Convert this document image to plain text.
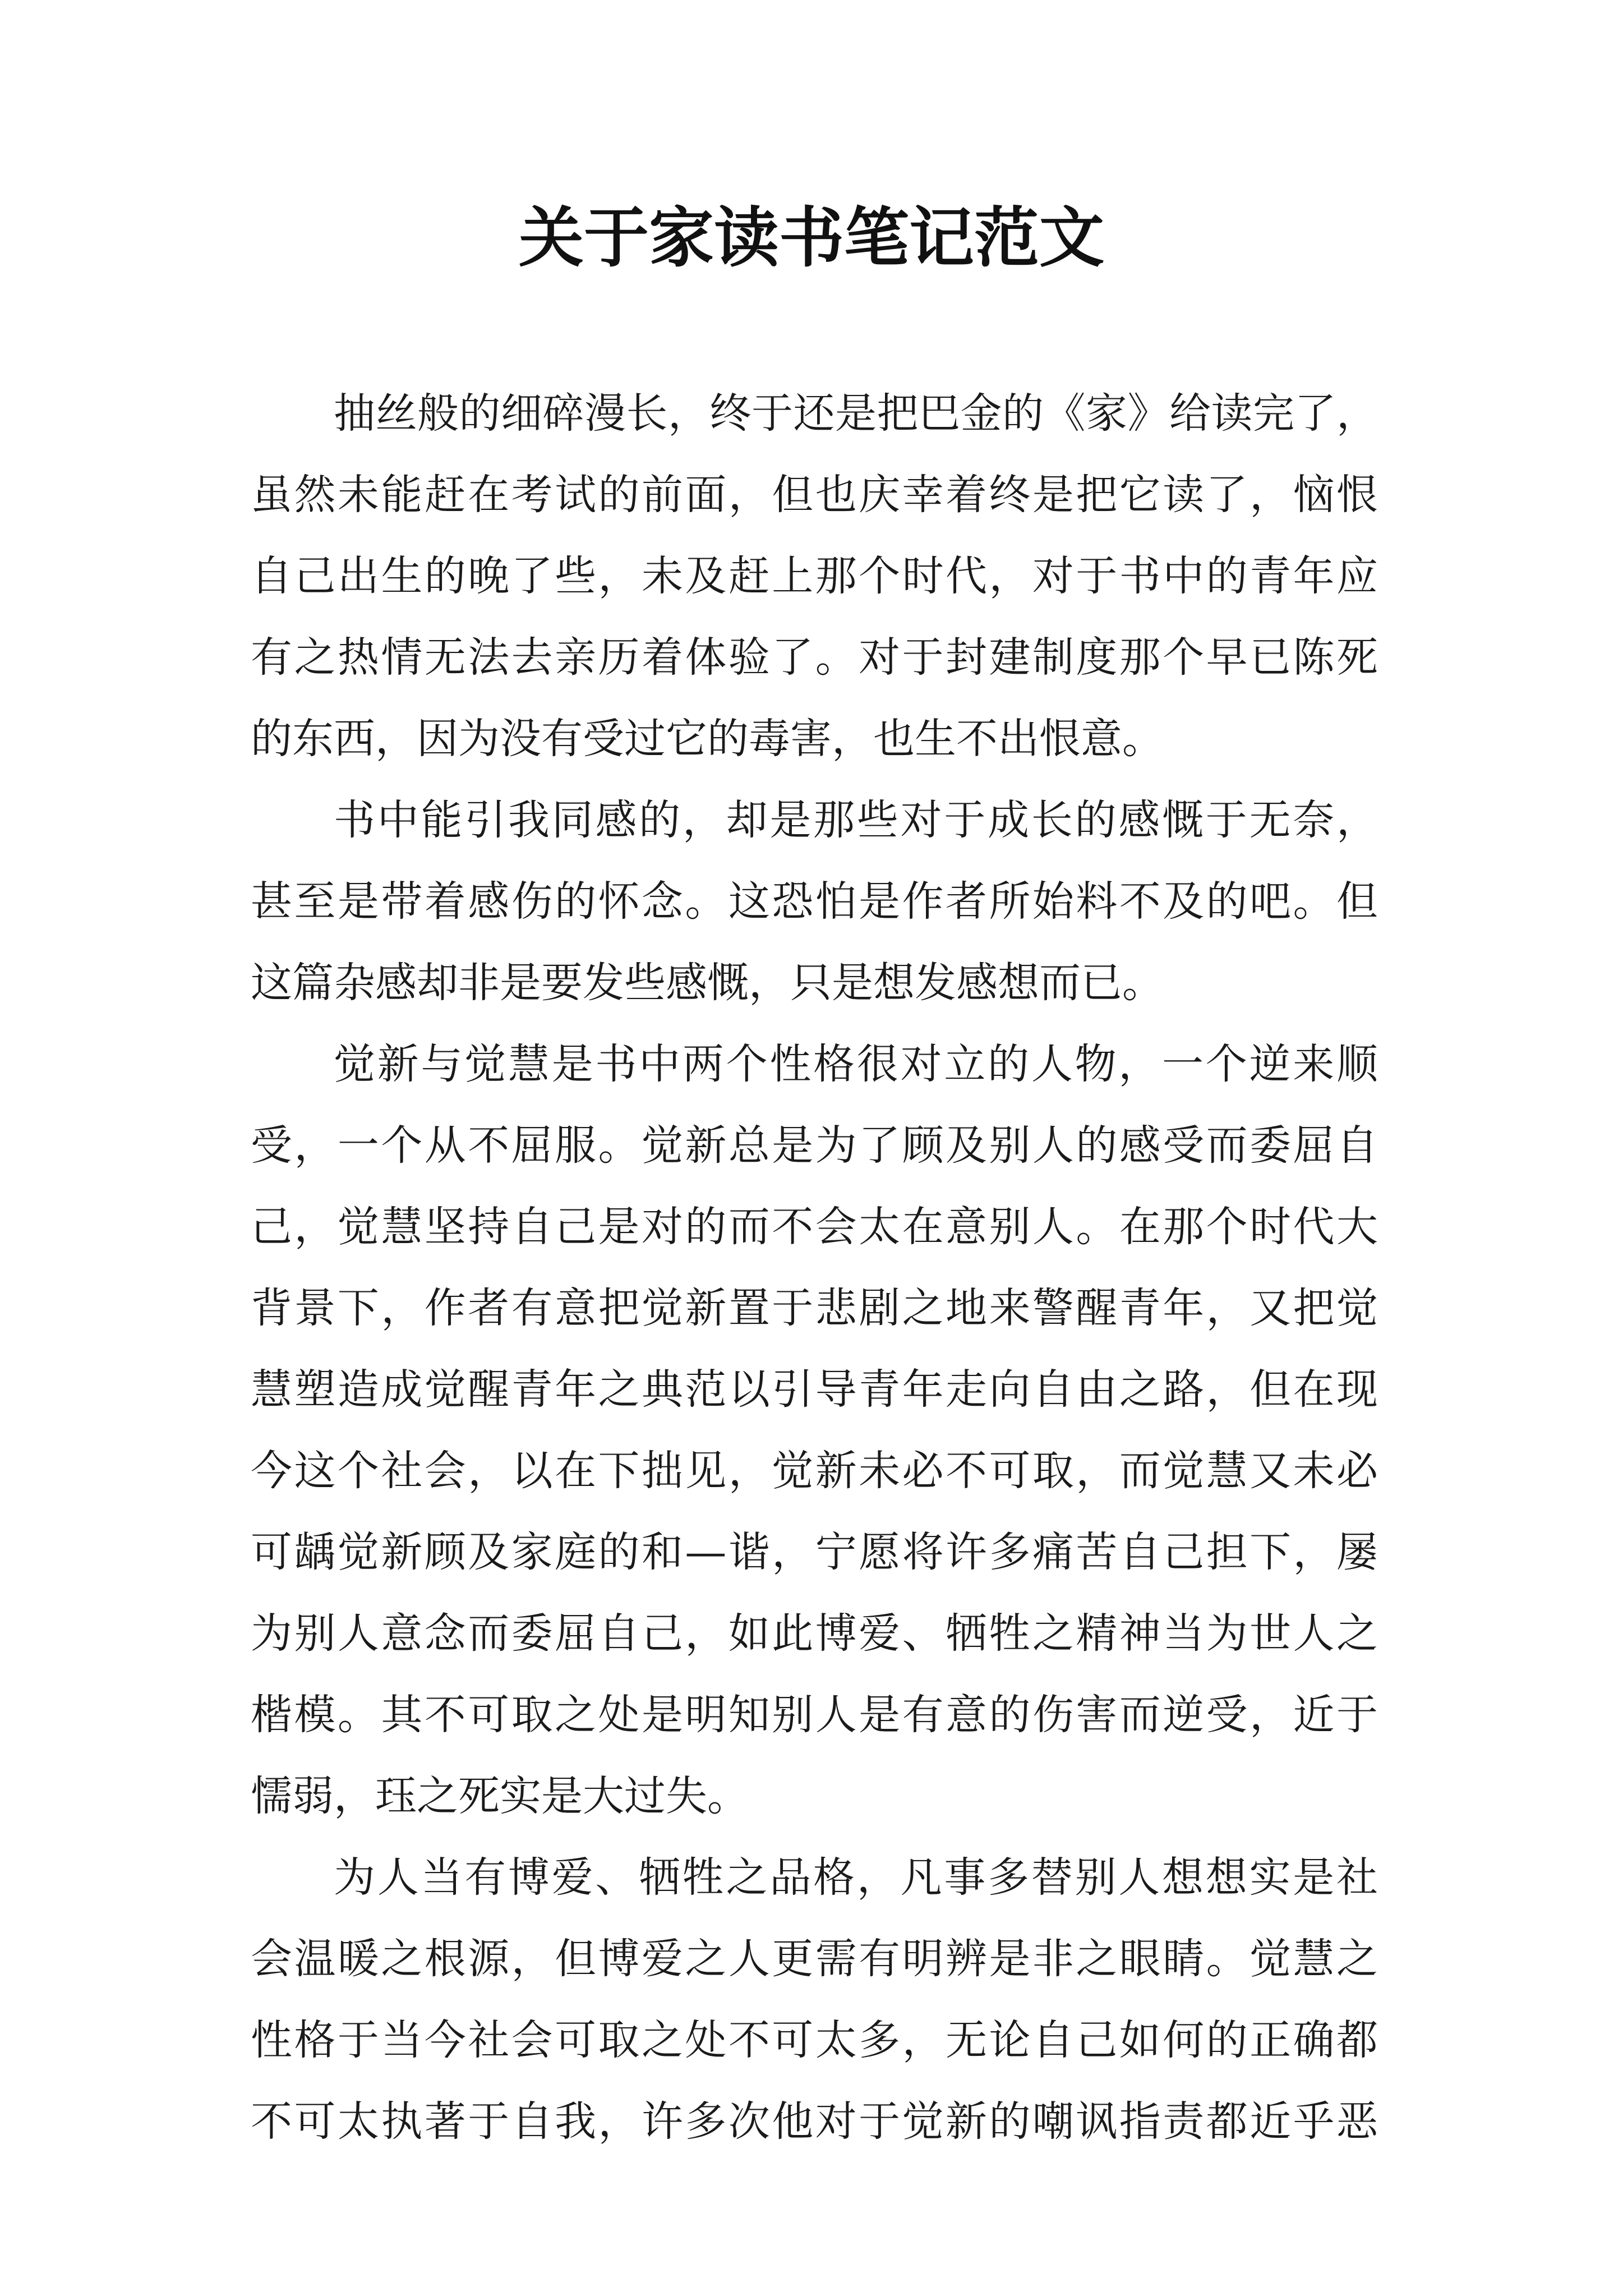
关于家读书笔记范文
抽丝般的细碎漫长，终于还是把巴金的《家》给读完了，
虽然未能赶在考试的前面，但也庆幸着终是把它读了，恼恨
自己出生的晚了些，未及赶上那个时代，对于书中的青年应
有之热情无法去亲历着体验了。对于封建制度那个早已陈死
的东西，因为没有受过它的毒害，也生不出恨意。
书中能引我同感的，却是那些对于成长的感慨于无奈，
甚至是带着感伤的怀念。这恐怕是作者所始料不及的吧。但
这篇杂感却非是要发些感慨，只是想发感想而已。
觉新与觉慧是书中两个性格很对立的人物，一个逆来顺
受，一个从不屈服。觉新总是为了顾及别人的感受而委屈自
己，觉慧坚持自己是对的而不会太在意别人。在那个时代大
背景下，作者有意把觉新置于悲剧之地来警醒青年，又把觉
慧塑造成觉醒青年之典范以引导青年走向自由之路，但在现
今这个社会，以在下拙见，觉新未必不可取，而觉慧又未必
可龋觉新顾及家庭的和—谐，宁愿将许多痛苦自己担下，屡
为别人意念而委屈自己，如此博爱、牺牲之精神当为世人之
楷模。其不可取之处是明知别人是有意的伤害而逆受，近于
懦弱，珏之死实是大过失。
为人当有博爱、牺牲之品格，凡事多替别人想想实是社
会温暖之根源，但博爱之人更需有明辨是非之眼睛。觉慧之
性格于当今社会可取之处不可太多，无论自己如何的正确都
不可太执著于自我，许多次他对于觉新的嘲讽指责都近乎恶
